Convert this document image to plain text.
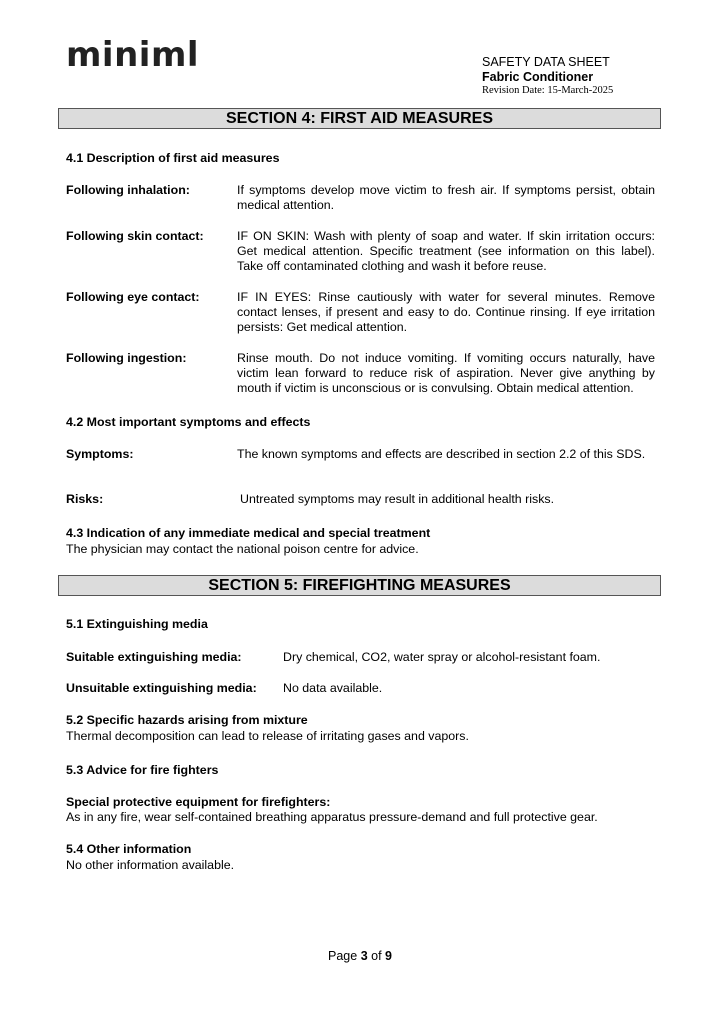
miniml	SAFETY DATA SHEET
Fabric Conditioner
Revision Date: 15-March-2025
SECTION 4: FIRST AID MEASURES
4.1 Description of first aid measures
Following inhalation:	If symptoms develop move victim to fresh air. If symptoms persist, obtain medical attention.
Following skin contact:	IF ON SKIN: Wash with plenty of soap and water. If skin irritation occurs: Get medical attention. Specific treatment (see information on this label). Take off contaminated clothing and wash it before reuse.
Following eye contact:	IF IN EYES: Rinse cautiously with water for several minutes. Remove contact lenses, if present and easy to do. Continue rinsing. If eye irritation persists: Get medical attention.
Following ingestion:	Rinse mouth. Do not induce vomiting. If vomiting occurs naturally, have victim lean forward to reduce risk of aspiration. Never give anything by mouth if victim is unconscious or is convulsing. Obtain medical attention.
4.2 Most important symptoms and effects
Symptoms:	The known symptoms and effects are described in section 2.2 of this SDS.
Risks:	Untreated symptoms may result in additional health risks.
4.3 Indication of any immediate medical and special treatment
The physician may contact the national poison centre for advice.
SECTION 5: FIREFIGHTING MEASURES
5.1 Extinguishing media
Suitable extinguishing media:	Dry chemical, CO2, water spray or alcohol-resistant foam.
Unsuitable extinguishing media: No data available.
5.2 Specific hazards arising from mixture
Thermal decomposition can lead to release of irritating gases and vapors.
5.3 Advice for fire fighters
Special protective equipment for firefighters:
As in any fire, wear self-contained breathing apparatus pressure-demand and full protective gear.
5.4 Other information
No other information available.
Page 3 of 9
